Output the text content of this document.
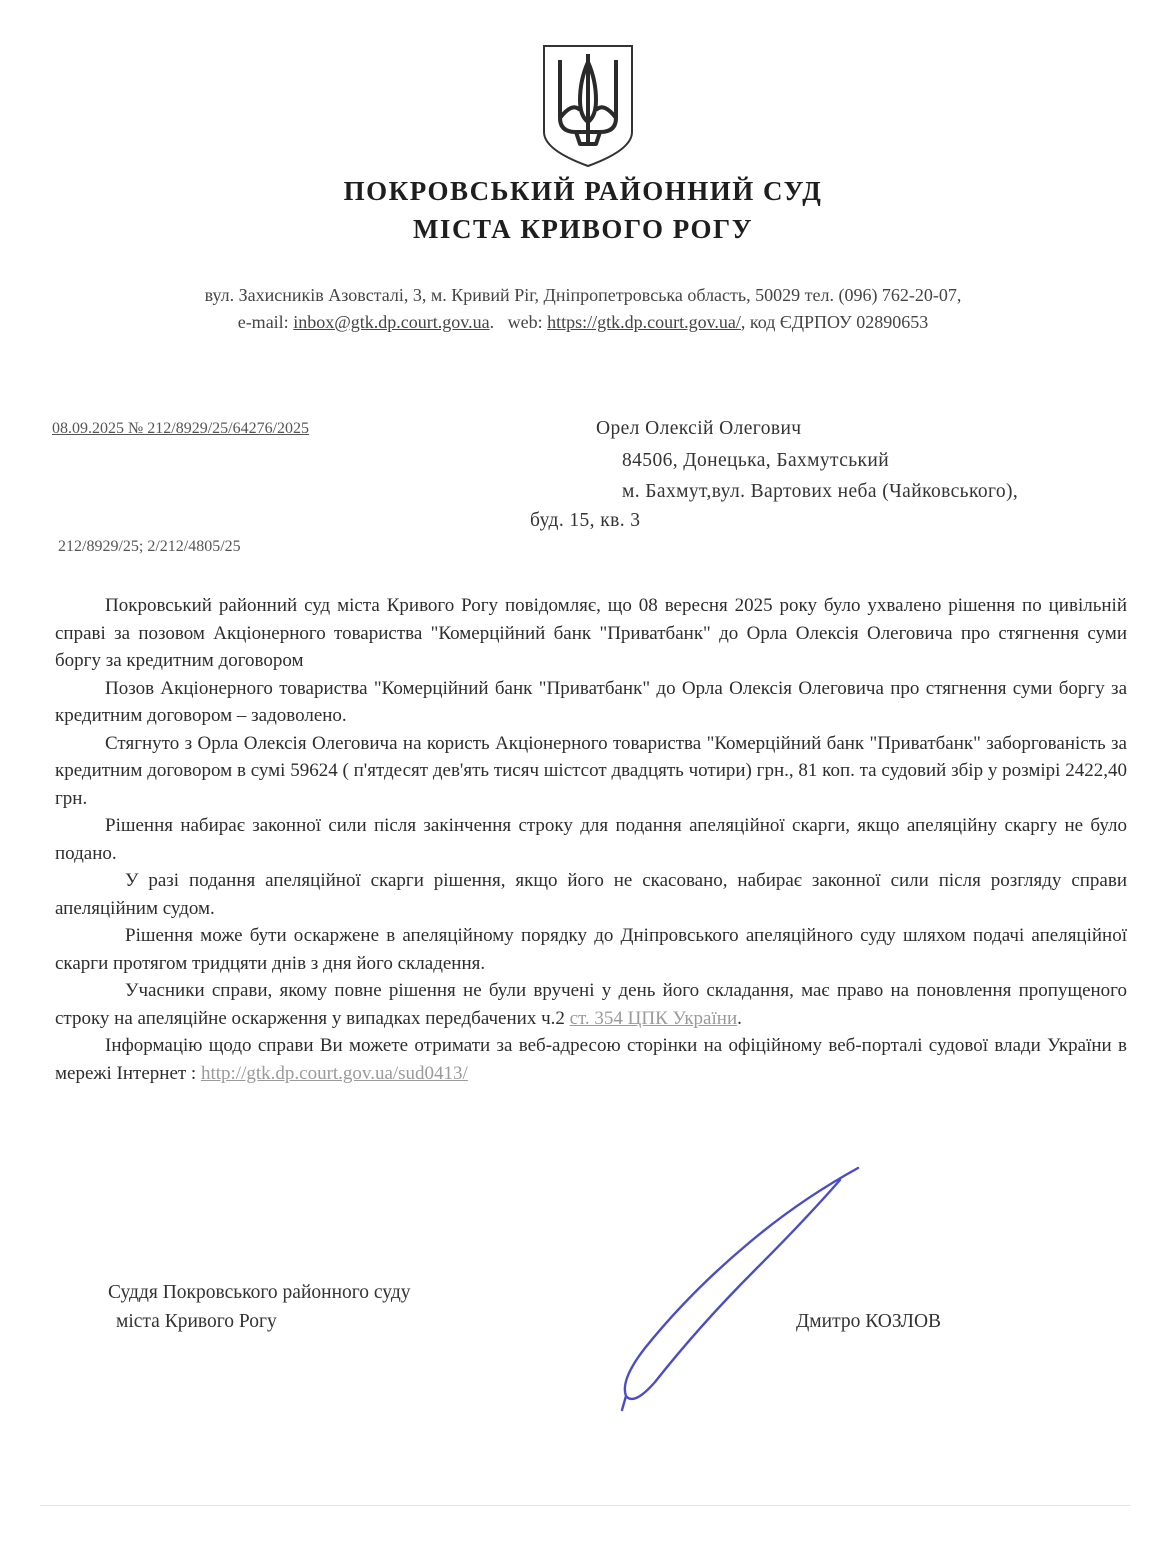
ПОКРОВСЬКИЙ РАЙОННИЙ СУД
МІСТА КРИВОГО РОГУ
вул. Захисників Азовсталі, 3, м. Кривий Ріг, Дніпропетровська область, 50029 тел. (096) 762-20-07,
e-mail: inbox@gtk.dp.court.gov.ua.   web: https://gtk.dp.court.gov.ua/, код ЄДРПОУ 02890653
08.09.2025 № 212/8929/25/64276/2025
212/8929/25; 2/212/4805/25
Орел Олексій Олегович
84506, Донецька, Бахмутський
м. Бахмут,вул. Вартових неба (Чайковського),
буд. 15, кв. 3

Покровський районний суд міста Кривого Рогу повідомляє, що 08 вересня 2025 року було ухвалено рішення по цивільній справі за позовом Акціонерного товариства "Комерційний банк "Приватбанк" до Орла Олексія Олеговича про стягнення суми боргу за кредитним договором

Позов Акціонерного товариства "Комерційний банк "Приватбанк" до Орла Олексія Олеговича про стягнення суми боргу за кредитним договором – задоволено.

Стягнуто з Орла Олексія Олеговича на користь Акціонерного товариства "Комерційний банк "Приватбанк" заборгованість за кредитним договором в сумі 59624 ( п'ятдесят дев'ять тисяч шістсот двадцять чотири) грн., 81 коп. та судовий збір у розмірі 2422,40 грн.

Рішення набирає законної сили після закінчення строку для подання апеляційної скарги, якщо апеляційну скаргу не було подано.

У разі подання апеляційної скарги рішення, якщо його не скасовано, набирає законної сили після розгляду справи апеляційним судом.

Рішення може бути оскаржене в апеляційному порядку до Дніпровського апеляційного суду шляхом подачі апеляційної скарги протягом тридцяти днів з дня його складення.

Учасники справи, якому повне рішення не були вручені у день його складання, має право на поновлення пропущеного строку на апеляційне оскарження у випадках передбачених ч.2 ст. 354 ЦПК України.

Інформацію щодо справи Ви можете отримати за веб-адресою сторінки на офіційному веб-порталі судової влади України в мережі Інтернет : http://gtk.dp.court.gov.ua/sud0413/

Суддя Покровського районного суду
міста Кривого Рогу	Дмитро КОЗЛОВ
